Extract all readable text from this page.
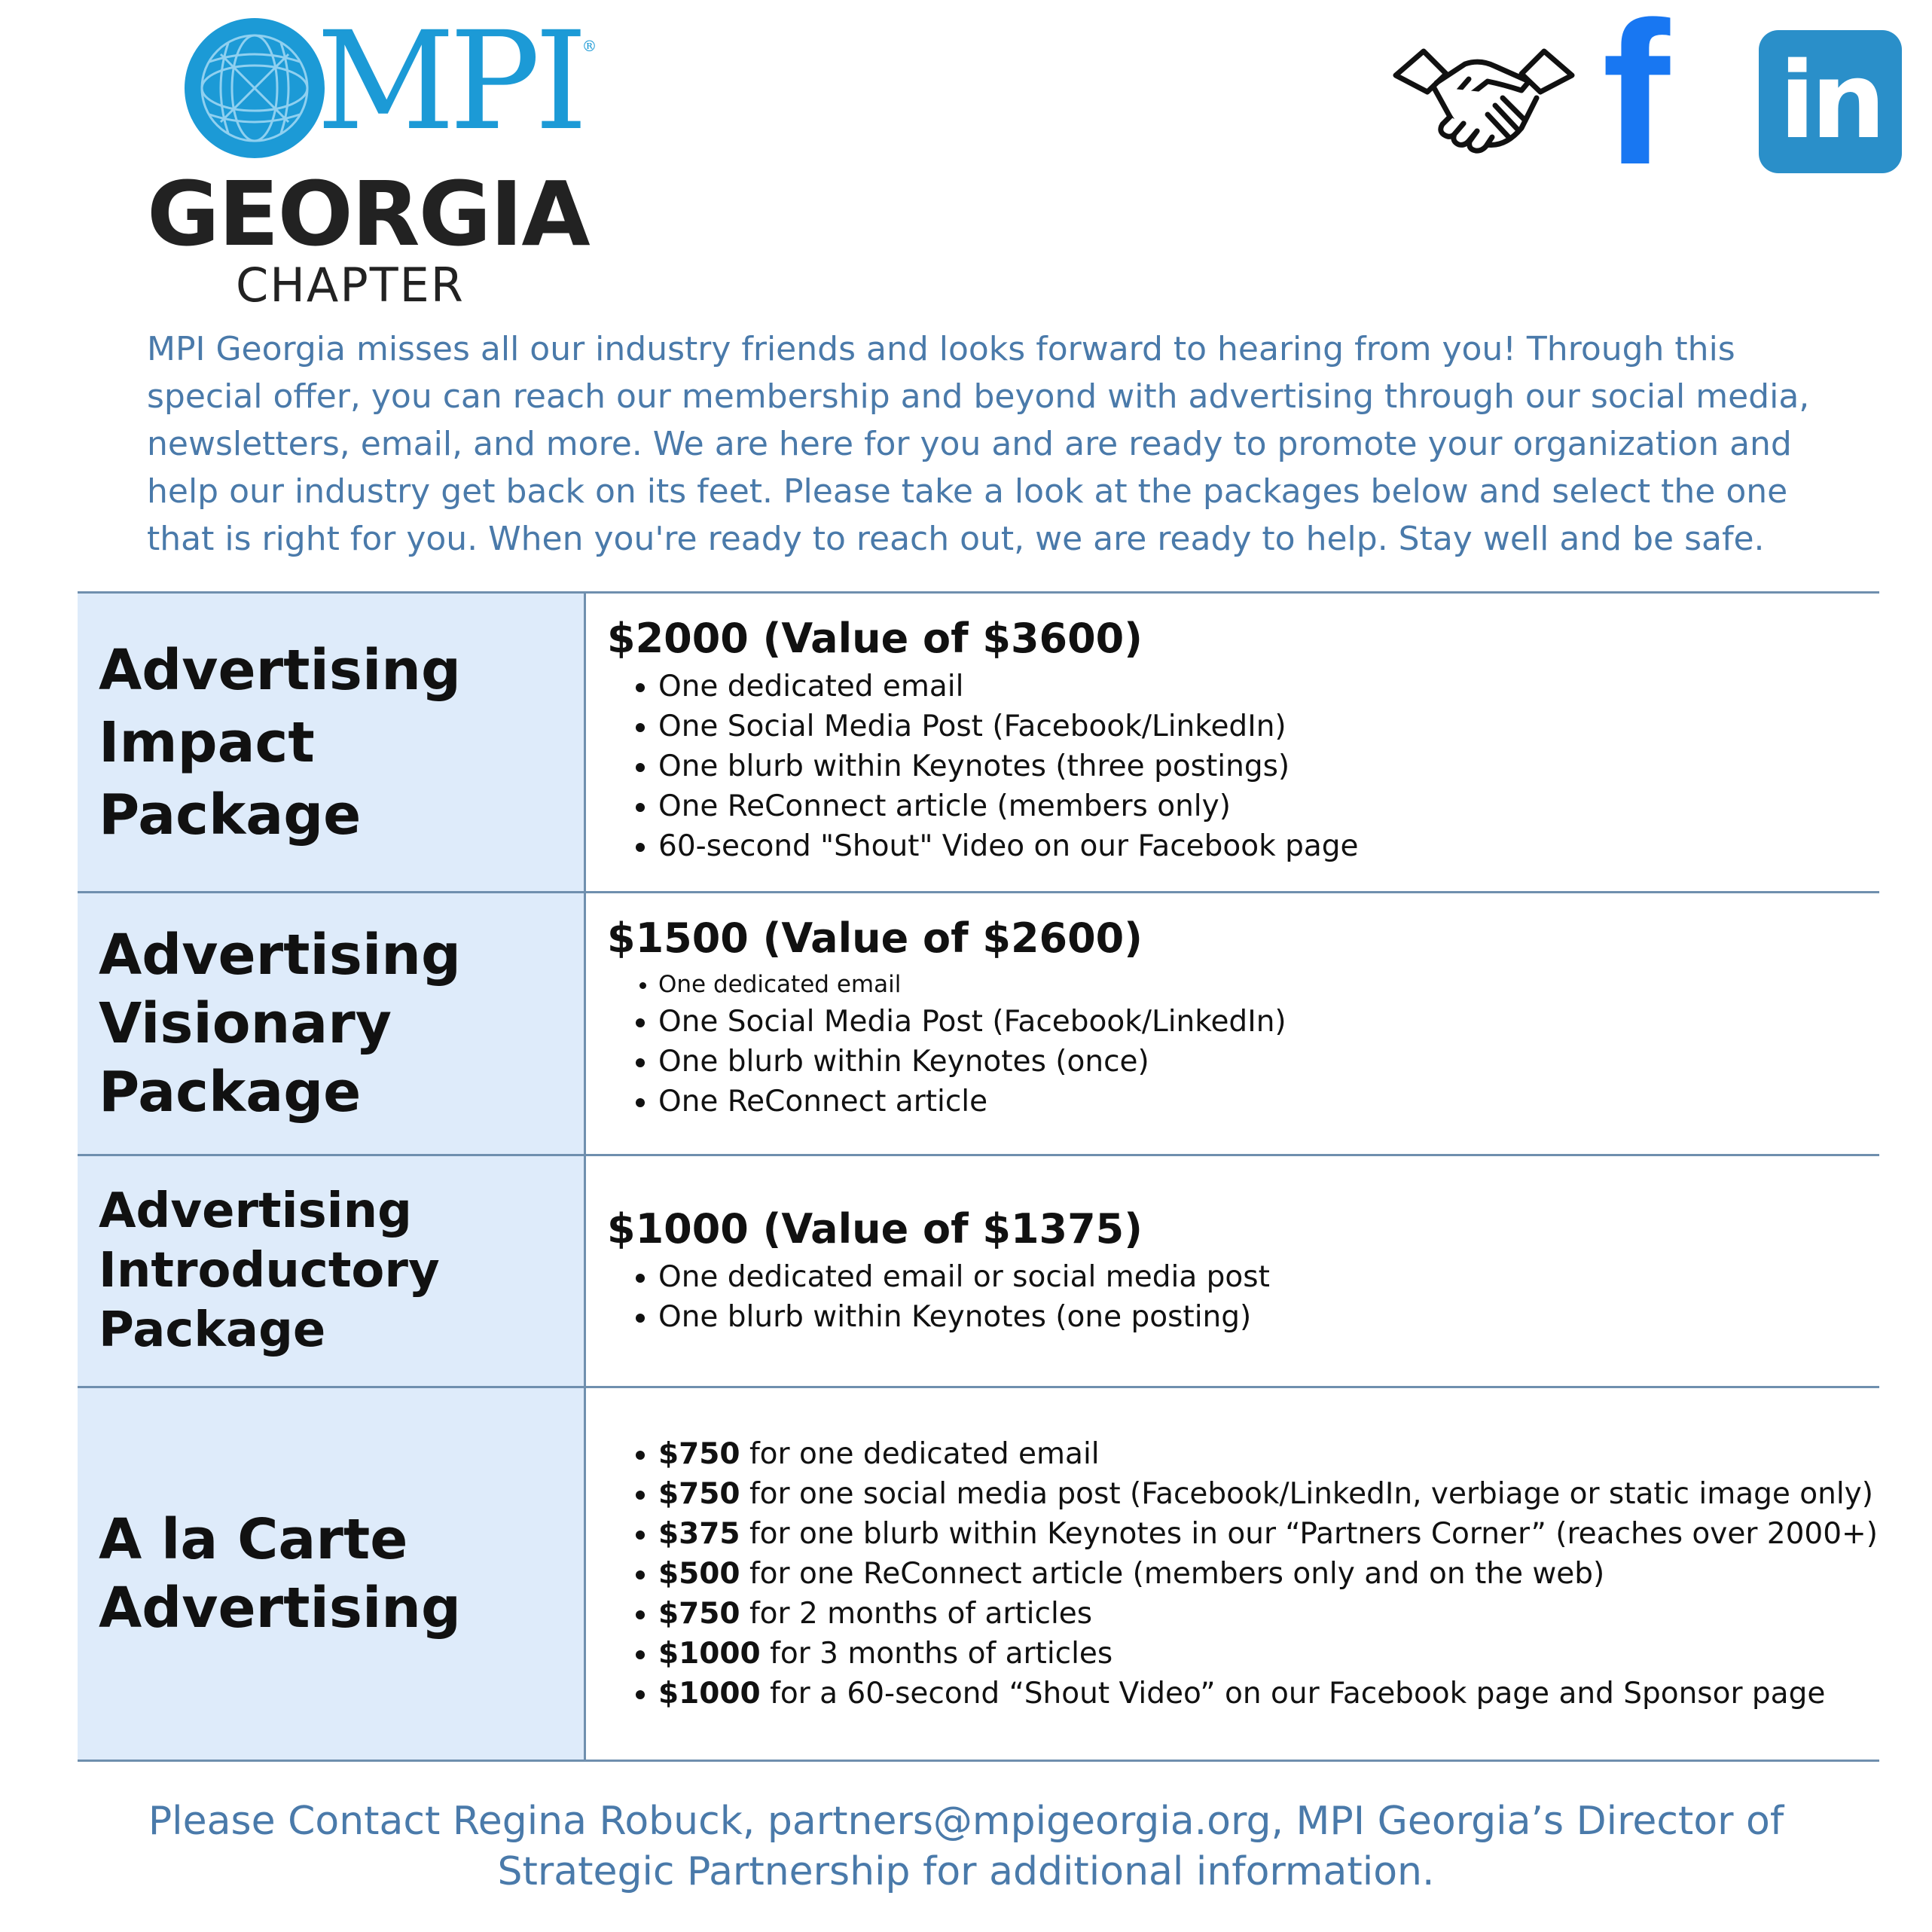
MPI®
GEORGIA
CHAPTER
f in

MPI Georgia misses all our industry friends and looks forward to hearing from you! Through this special offer, you can reach our membership and beyond with advertising through our social media, newsletters, email, and more. We are here for you and are ready to promote your organization and help our industry get back on its feet. Please take a look at the packages below and select the one that is right for you. When you're ready to reach out, we are ready to help. Stay well and be safe.

Advertising
Impact Package
$2000 (Value of $3600)
• One dedicated email
• One Social Media Post (Facebook/LinkedIn)
• One blurb within Keynotes (three postings)
• One ReConnect article (members only)
• 60-second "Shout" Video on our Facebook page
Advertising
Visionary
Package
$1500 (Value of $2600)
• One dedicated email
• One Social Media Post (Facebook/LinkedIn)
• One blurb within Keynotes (once)
• One ReConnect article
Advertising
Introductory
Package
$1000 (Value of $1375)
• One dedicated email or social media post
• One blurb within Keynotes (one posting)
A la Carte
Advertising
• $750 for one dedicated email
• $750 for one social media post (Facebook/LinkedIn, verbiage or static image only)
• $375 for one blurb within Keynotes in our “Partners Corner” (reaches over 2000+)
• $500 for one ReConnect article (members only and on the web)
• $750 for 2 months of articles
• $1000 for 3 months of articles
• $1000 for a 60-second “Shout Video” on our Facebook page and Sponsor page

Please Contact Regina Robuck, partners@mpigeorgia.org, MPI Georgia’s Director of
Strategic Partnership for additional information.
